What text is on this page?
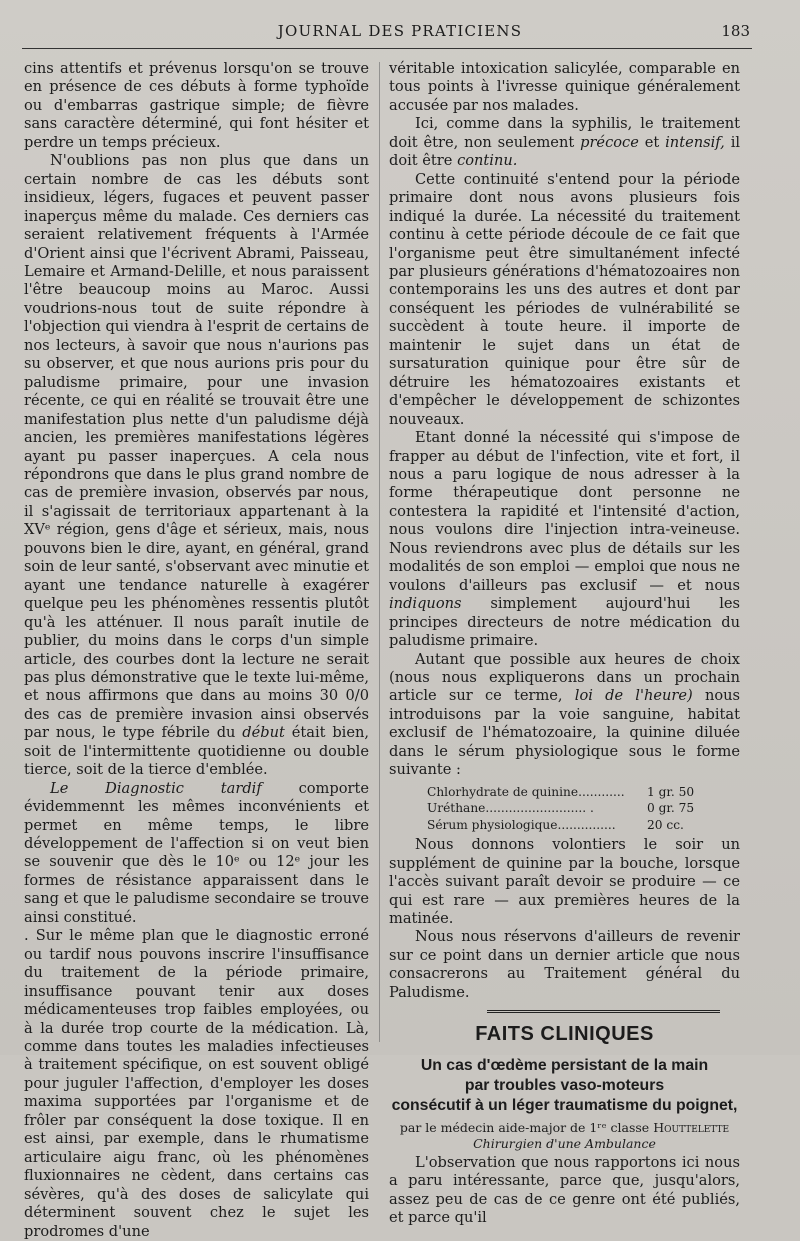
JOURNAL DES PRATICIENS	183

cins attentifs et prévenus lorsqu'on se trouve en présence de ces débuts à forme typhoïde ou d'embarras gastrique simple; de fièvre sans caractère déterminé, qui font hésiter et perdre un temps précieux.

N'oublions pas non plus que dans un certain nombre de cas les débuts sont insidieux, légers, fugaces et peuvent passer inaperçus même du malade. Ces derniers cas seraient relativement fréquents à l'Armée d'Orient ainsi que l'écrivent Abrami, Paisseau, Lemaire et Armand-Delille, et nous paraissent l'être beaucoup moins au Maroc. Aussi voudrions-nous tout de suite répondre à l'objection qui viendra à l'esprit de certains de nos lecteurs, à savoir que nous n'aurions pas su observer, et que nous aurions pris pour du paludisme primaire, pour une invasion récente, ce qui en réalité se trouvait être une manifestation plus nette d'un paludisme déjà ancien, les premières manifestations légères ayant pu passer inaperçues. A cela nous répondrons que dans le plus grand nombre de cas de première invasion, observés par nous, il s'agissait de territoriaux appartenant à la XVᵉ région, gens d'âge et sérieux, mais, nous pouvons bien le dire, ayant, en général, grand soin de leur santé, s'observant avec minutie et ayant une tendance naturelle à exagérer quelque peu les phénomènes ressentis plutôt qu'à les atténuer. Il nous paraît inutile de publier, du moins dans le corps d'un simple article, des courbes dont la lecture ne serait pas plus démonstrative que le texte lui-même, et nous affirmons que dans au moins 30 0/0 des cas de première invasion ainsi observés par nous, le type fébrile du début était bien, soit de l'intermittente quotidienne ou double tierce, soit de la tierce d'emblée.

Le Diagnostic tardif	comporte évidemmennt les mêmes inconvénients et permet en même temps, le libre développement de l'affection si on veut bien se souvenir que dès le 10ᵉ ou 12ᵉ jour les formes de résistance apparaissent dans le sang et que le paludisme secondaire se trouve ainsi constitué.

. Sur le même plan que le diagnostic erroné ou tardif nous pouvons inscrire l'insuffisance du traitement de la période primaire, insuffisance pouvant tenir aux doses médicamenteuses trop faibles employées, ou à la durée trop courte de la médication. Là, comme dans toutes les maladies infectieuses à traitement spécifique, on est souvent obligé pour juguler l'affection, d'employer les doses maxima supportées par l'organisme et de frôler par conséquent la dose toxique. Il en est ainsi, par exemple, dans le rhumatisme articulaire aigu franc, où les phénomènes fluxionnaires ne cèdent, dans certains cas sévères, qu'à des doses de salicylate qui déterminent souvent chez le sujet les prodromes d'une

véritable intoxication salicylée, comparable en tous points à l'ivresse quinique généralement accusée par nos malades.

Ici, comme dans la syphilis, le traitement doit être, non seulement précoce et intensif, il doit être continu.

Cette continuité s'entend pour la période primaire dont nous avons plusieurs fois indiqué la durée. La nécessité du traitement continu à cette période découle de ce fait que l'organisme peut être simultanément infecté par plusieurs générations d'hématozoaires non contemporains les uns des autres et dont par conséquent les périodes de vulnérabilité se succèdent à toute heure. il importe de maintenir le sujet dans un état de sursaturation quinique pour être sûr de détruire les hématozoaires existants et d'empêcher le développement de schizontes nouveaux.

Etant donné la nécessité qui s'impose de frapper au début de l'infection, vite et fort, il nous a paru logique de nous adresser à la forme thérapeutique dont personne ne contestera la rapidité et l'intensité d'action, nous voulons dire l'injection intra-veineuse. Nous reviendrons avec plus de détails sur les modalités de son emploi — emploi que nous ne voulons d'ailleurs pas exclusif — et nous indiquons simplement aujourd'hui les principes directeurs de notre médication du paludisme primaire.

Autant que possible aux heures de choix (nous nous expliquerons dans un prochain article sur ce terme, loi de l'heure) nous introduisons par la voie sanguine, habitat exclusif de l'hématozoaire, la quinine diluée dans le sérum physiologique sous le forme suivante :

Chlorhydrate de quinine............ 1 gr. 50
Uréthane.......................... .	0 gr. 75
Sérum physiologique...............	20 cc.

Nous donnons volontiers le soir un supplément de quinine par la bouche, lorsque l'accès suivant paraît devoir se produire — ce qui est rare — aux premières heures de la matinée.

Nous nous réservons d'ailleurs de revenir sur ce point dans un dernier article que nous consacrerons au Traitement général du Paludisme.

FAITS CLINIQUES
Un cas d'œdème persistant de la main
par troubles vaso-moteurs
consécutif à un léger traumatisme du poignet,
par le médecin aide-major de 1ʳᵉ classe Houttelette
Chirurgien d'une Ambulance

L'observation que nous rapportons ici nous a paru intéressante, parce que, jusqu'alors, assez peu de cas de ce genre ont été publiés, et parce qu'il
